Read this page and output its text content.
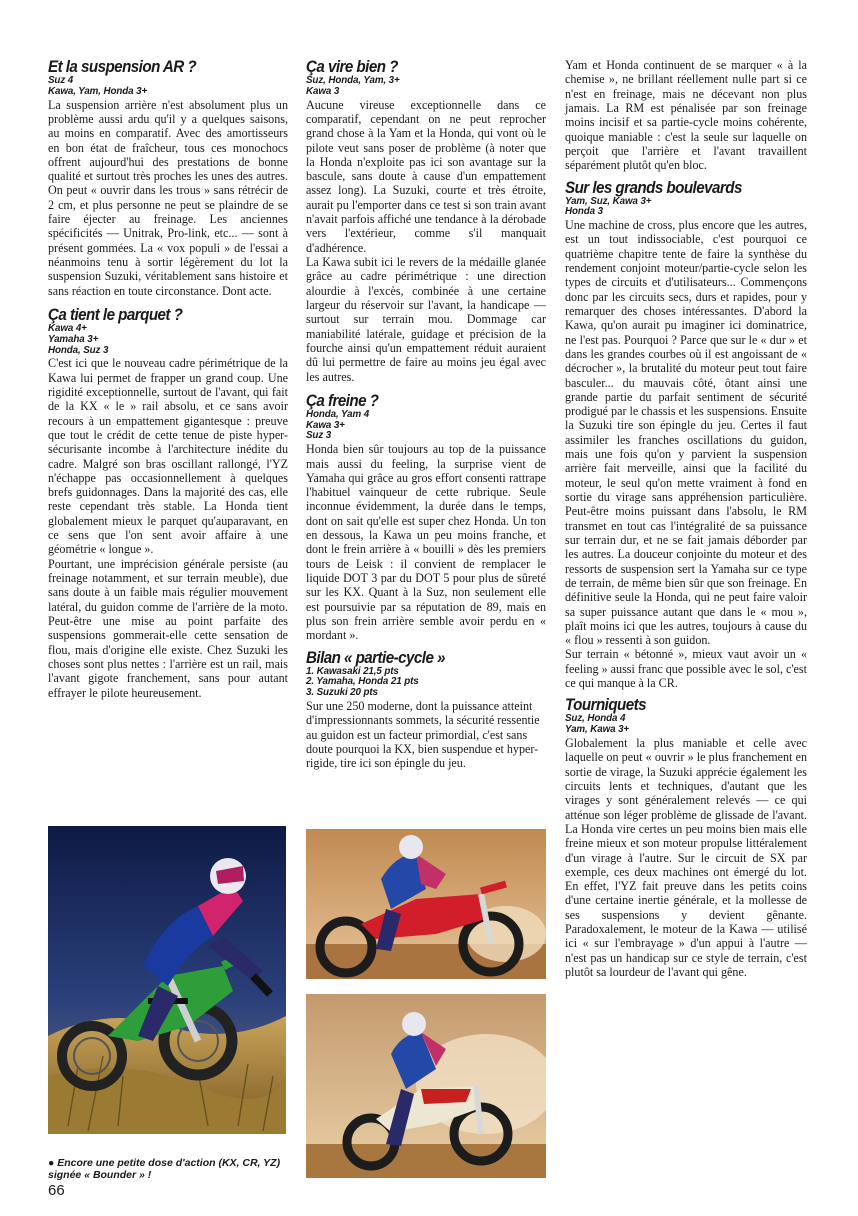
Et la suspension AR ?
Suz 4
Kawa, Yam, Honda 3+

La suspension arrière n'est absolument plus un problème aussi ardu qu'il y a quelques saisons, au moins en comparatif. Avec des amortisseurs en bon état de fraîcheur, tous ces monochocs offrent aujourd'hui des prestations de bonne qualité et surtout très proches les unes des autres. On peut « ouvrir dans les trous » sans rétrécir de 2 cm, et plus personne ne peut se plaindre de se faire éjecter au freinage. Les anciennes spécificités — Unitrak, Pro-link, etc... — sont à présent gommées. La « vox populi » de l'essai a néanmoins tenu à sortir légèrement du lot la suspension Suzuki, véritablement sans histoire et sans réaction en toute circonstance. Dont acte.

Ça tient le parquet ?
Kawa 4+
Yamaha 3+
Honda, Suz 3

C'est ici que le nouveau cadre périmétrique de la Kawa lui permet de frapper un grand coup. Une rigidité exceptionnelle, surtout de l'avant, qui fait de la KX « le » rail absolu, et ce sans avoir recours à un empattement gigantesque : preuve que tout le crédit de cette tenue de piste hyper-sécurisante incombe à l'architecture inédite du cadre. Malgré son bras oscillant rallongé, l'YZ n'échappe pas occasionnellement à quelques brefs guidonnages. Dans la majorité des cas, elle reste cependant très stable. La Honda tient globalement mieux le parquet qu'auparavant, en ce sens que l'on sent avoir affaire à une géométrie « longue ».

Pourtant, une imprécision générale persiste (au freinage notamment, et sur terrain meuble), due sans doute à un faible mais régulier mouvement latéral, du guidon comme de l'arrière de la moto. Peut-être une mise au point parfaite des suspensions gommerait-elle cette sensation de flou, mais d'origine elle existe. Chez Suzuki les choses sont plus nettes : l'arrière est un rail, mais l'avant gigote franchement, sans pour autant effrayer le pilote heureusement.

Ça vire bien ?
Suz, Honda, Yam, 3+
Kawa 3

Aucune vireuse exceptionnelle dans ce comparatif, cependant on ne peut reprocher grand chose à la Yam et la Honda, qui vont où le pilote veut sans poser de problème (à noter que la Honda n'exploite pas ici son avantage sur la bascule, sans doute à cause d'un empattement assez long). La Suzuki, courte et très étroite, aurait pu l'emporter dans ce test si son train avant n'avait parfois affiché une tendance à la dérobade vers l'extérieur, comme s'il manquait d'adhérence.

La Kawa subit ici le revers de la médaille glanée grâce au cadre périmétrique : une direction alourdie à l'excès, combinée à une certaine largeur du réservoir sur l'avant, la handicape — surtout sur terrain mou. Dommage car maniabilité latérale, guidage et précision de la fourche ainsi qu'un empattement réduit auraient dû lui permettre de faire au moins jeu égal avec les autres.

Ça freine ?
Honda, Yam 4
Kawa 3+
Suz 3

Honda bien sûr toujours au top de la puissance mais aussi du feeling, la surprise vient de Yamaha qui grâce au gros effort consenti rattrape l'habituel vainqueur de cette rubrique. Seule inconnue évidemment, la durée dans le temps, dont on sait qu'elle est super chez Honda. Un ton en dessous, la Kawa un peu moins franche, et dont le frein arrière à « bouilli » dès les premiers tours de Leisk : il convient de remplacer le liquide DOT 3 par du DOT 5 pour plus de sûreté sur les KX. Quant à la Suz, non seulement elle est poursuivie par sa réputation de 89, mais en plus son frein arrière semble avoir perdu en « mordant ».

Bilan « partie-cycle »
1. Kawasaki 21,5 pts
2. Yamaha, Honda 21 pts
3. Suzuki 20 pts

Sur une 250 moderne, dont la puissance atteint d'impressionnants sommets, la sécurité ressentie au guidon est un facteur primordial, c'est sans doute pourquoi la KX, bien suspendue et hyper-rigide, tire ici son épingle du jeu.

Yam et Honda continuent de se marquer « à la chemise », ne brillant réellement nulle part si ce n'est en freinage, mais ne décevant non plus jamais. La RM est pénalisée par son freinage moins incisif et sa partie-cycle moins cohérente, quoique maniable : c'est la seule sur laquelle on perçoit que l'arrière et l'avant travaillent séparément plutôt qu'en bloc.

Sur les grands boulevards
Yam, Suz, Kawa 3+
Honda 3

Une machine de cross, plus encore que les autres, est un tout indissociable, c'est pourquoi ce quatrième chapitre tente de faire la synthèse du rendement conjoint moteur/partie-cycle selon les types de circuits et d'utilisateurs... Commençons donc par les circuits secs, durs et rapides, pour y remarquer des choses intéressantes. D'abord la Kawa, qu'on aurait pu imaginer ici dominatrice, ne l'est pas. Pourquoi ? Parce que sur le « dur » et dans les grandes courbes où il est angoissant de « décrocher », la brutalité du moteur peut tout faire basculer... du mauvais côté, ôtant ainsi une grande partie du parfait sentiment de sécurité prodigué par le chassis et les suspensions. Ensuite la Suzuki tire son épingle du jeu. Certes il faut assimiler les franches oscillations du guidon, mais une fois qu'on y parvient la suspension arrière fait merveille, ainsi que la facilité du moteur, le seul qu'on mette vraiment à fond en sortie du virage sans appréhension particulière. Peut-être moins puissant dans l'absolu, le RM transmet en tout cas l'intégralité de sa puissance sur terrain dur, et ne se fait jamais déborder par les autres. La douceur conjointe du moteur et des ressorts de suspension sert la Yamaha sur ce type de terrain, de même bien sûr que son freinage. En définitive seule la Honda, qui ne peut faire valoir sa super puissance autant que dans le « mou », plaît moins ici que les autres, toujours à cause du « flou » ressenti à son guidon.

Sur terrain « bétonné », mieux vaut avoir un « feeling » aussi franc que possible avec le sol, c'est ce qui manque à la CR.

Tourniquets
Suz, Honda 4
Yam, Kawa 3+

Globalement la plus maniable et celle avec laquelle on peut « ouvrir » le plus franchement en sortie de virage, la Suzuki apprécie également les circuits lents et techniques, d'autant que les virages y sont généralement relevés — ce qui atténue son léger problème de glissade de l'avant. La Honda vire certes un peu moins bien mais elle freine mieux et son moteur propulse littéralement d'un virage à l'autre. Sur le circuit de SX par exemple, ces deux machines ont émergé du lot. En effet, l'YZ fait preuve dans les petits coins d'une certaine inertie générale, et la mollesse de ses suspensions y devient gênante. Paradoxalement, le moteur de la Kawa — utilisé ici « sur l'embrayage » d'un appui à l'autre — n'est pas un handicap sur ce style de terrain, c'est plutôt sa lourdeur de l'avant qui gêne.

● Encore une petite dose d'action (KX, CR, YZ) signée « Bounder » !
66
